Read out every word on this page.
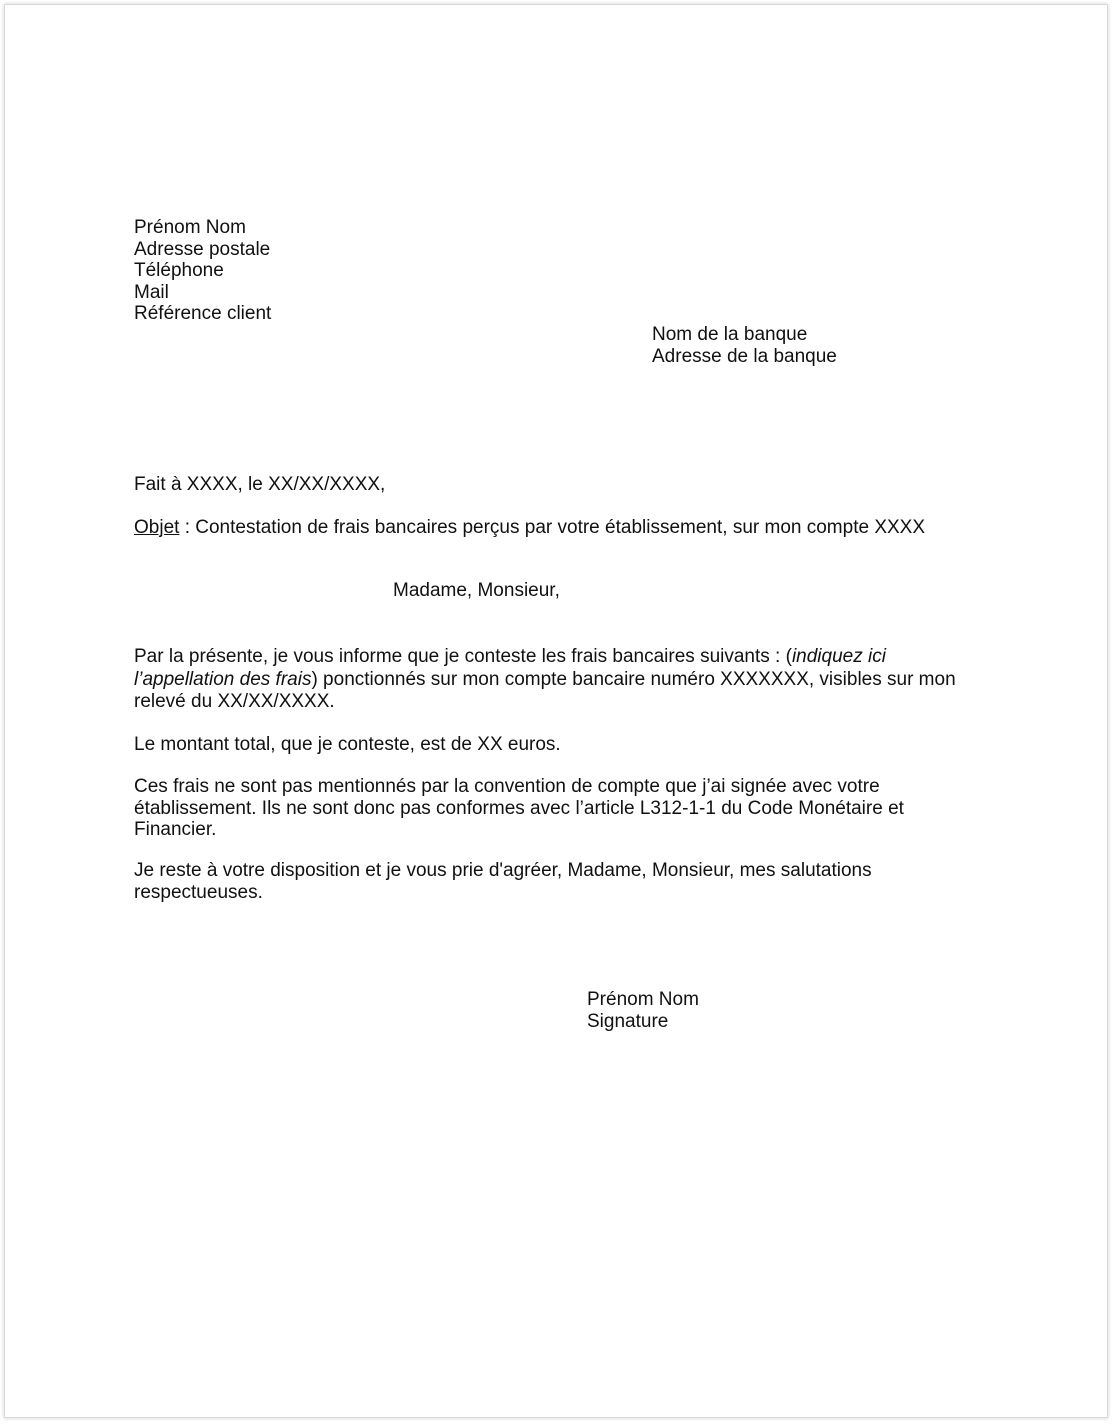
Prénom Nom
Adresse postale
Téléphone
Mail
Référence client
Nom de la banque
Adresse de la banque

Fait à XXXX, le XX/XX/XXXX,

Objet : Contestation de frais bancaires perçus par votre établissement, sur mon compte XXXX

Madame, Monsieur,

Par la présente, je vous informe que je conteste les frais bancaires suivants : (indiquez ici l’appellation des frais) ponctionnés sur mon compte bancaire numéro XXXXXXX, visibles sur mon relevé du XX/XX/XXXX.

Le montant total, que je conteste, est de XX euros.

Ces frais ne sont pas mentionnés par la convention de compte que j’ai signée avec votre établissement. Ils ne sont donc pas conformes avec l’article L312-1-1 du Code Monétaire et Financier.

Je reste à votre disposition et je vous prie d'agréer, Madame, Monsieur, mes salutations respectueuses.

Prénom Nom
Signature
